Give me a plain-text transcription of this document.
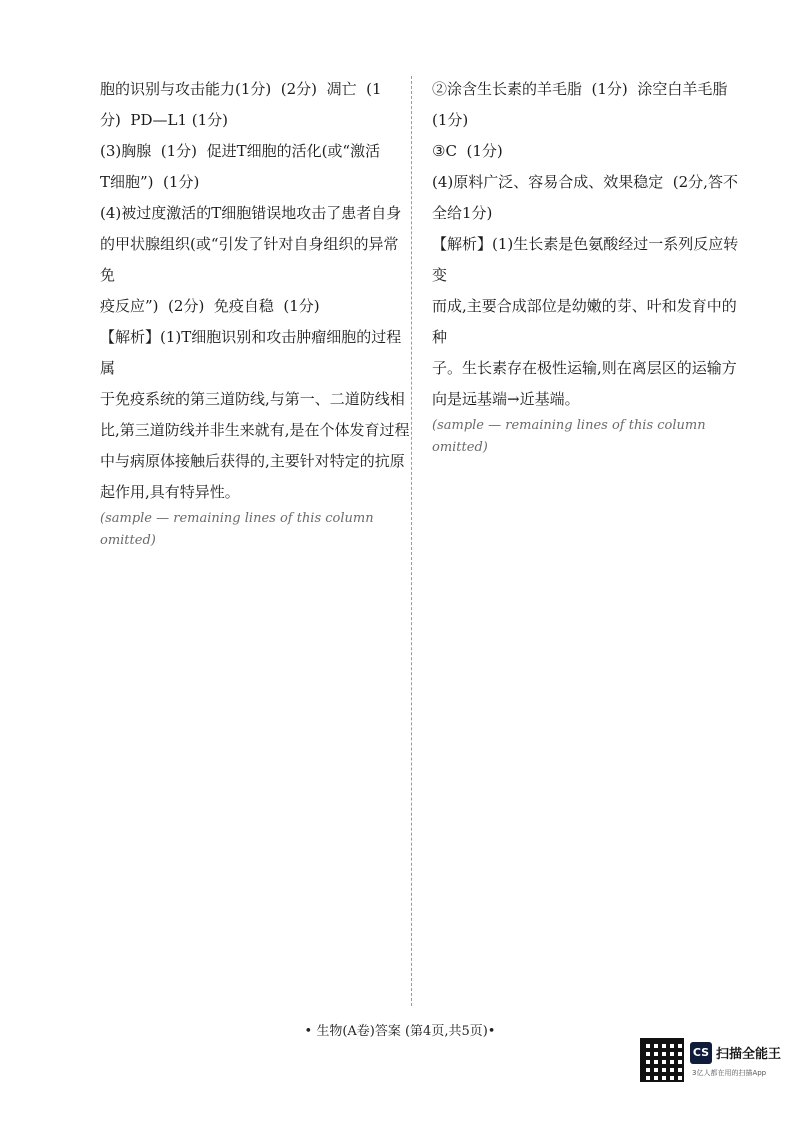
胞的识别与攻击能力(1分)  (2分)  凋亡  (1
分)  PD—L1 (1分)
(3)胸腺  (1分)  促进T细胞的活化(或“激活
T细胞”)  (1分)
(4)被过度激活的T细胞错误地攻击了患者自身
的甲状腺组织(或“引发了针对自身组织的异常免
疫反应”)  (2分)  免疫自稳  (1分)
【解析】(1)T细胞识别和攻击肿瘤细胞的过程属
于免疫系统的第三道防线,与第一、二道防线相
比,第三道防线并非生来就有,是在个体发育过程
中与病原体接触后获得的,主要针对特定的抗原
起作用,具有特异性。
(sample — remaining lines of this column omitted)
②涂含生长素的羊毛脂  (1分)  涂空白羊毛脂
(1分)
③C  (1分)
(4)原料广泛、容易合成、效果稳定  (2分,答不
全给1分)
【解析】(1)生长素是色氨酸经过一系列反应转变
而成,主要合成部位是幼嫩的芽、叶和发育中的种
子。生长素存在极性运输,则在离层区的运输方
向是远基端→近基端。
(sample — remaining lines of this column omitted)
• 生物(A卷)答案 (第4页,共5页)•
CS 扫描全能王
3亿人都在用的扫描App
